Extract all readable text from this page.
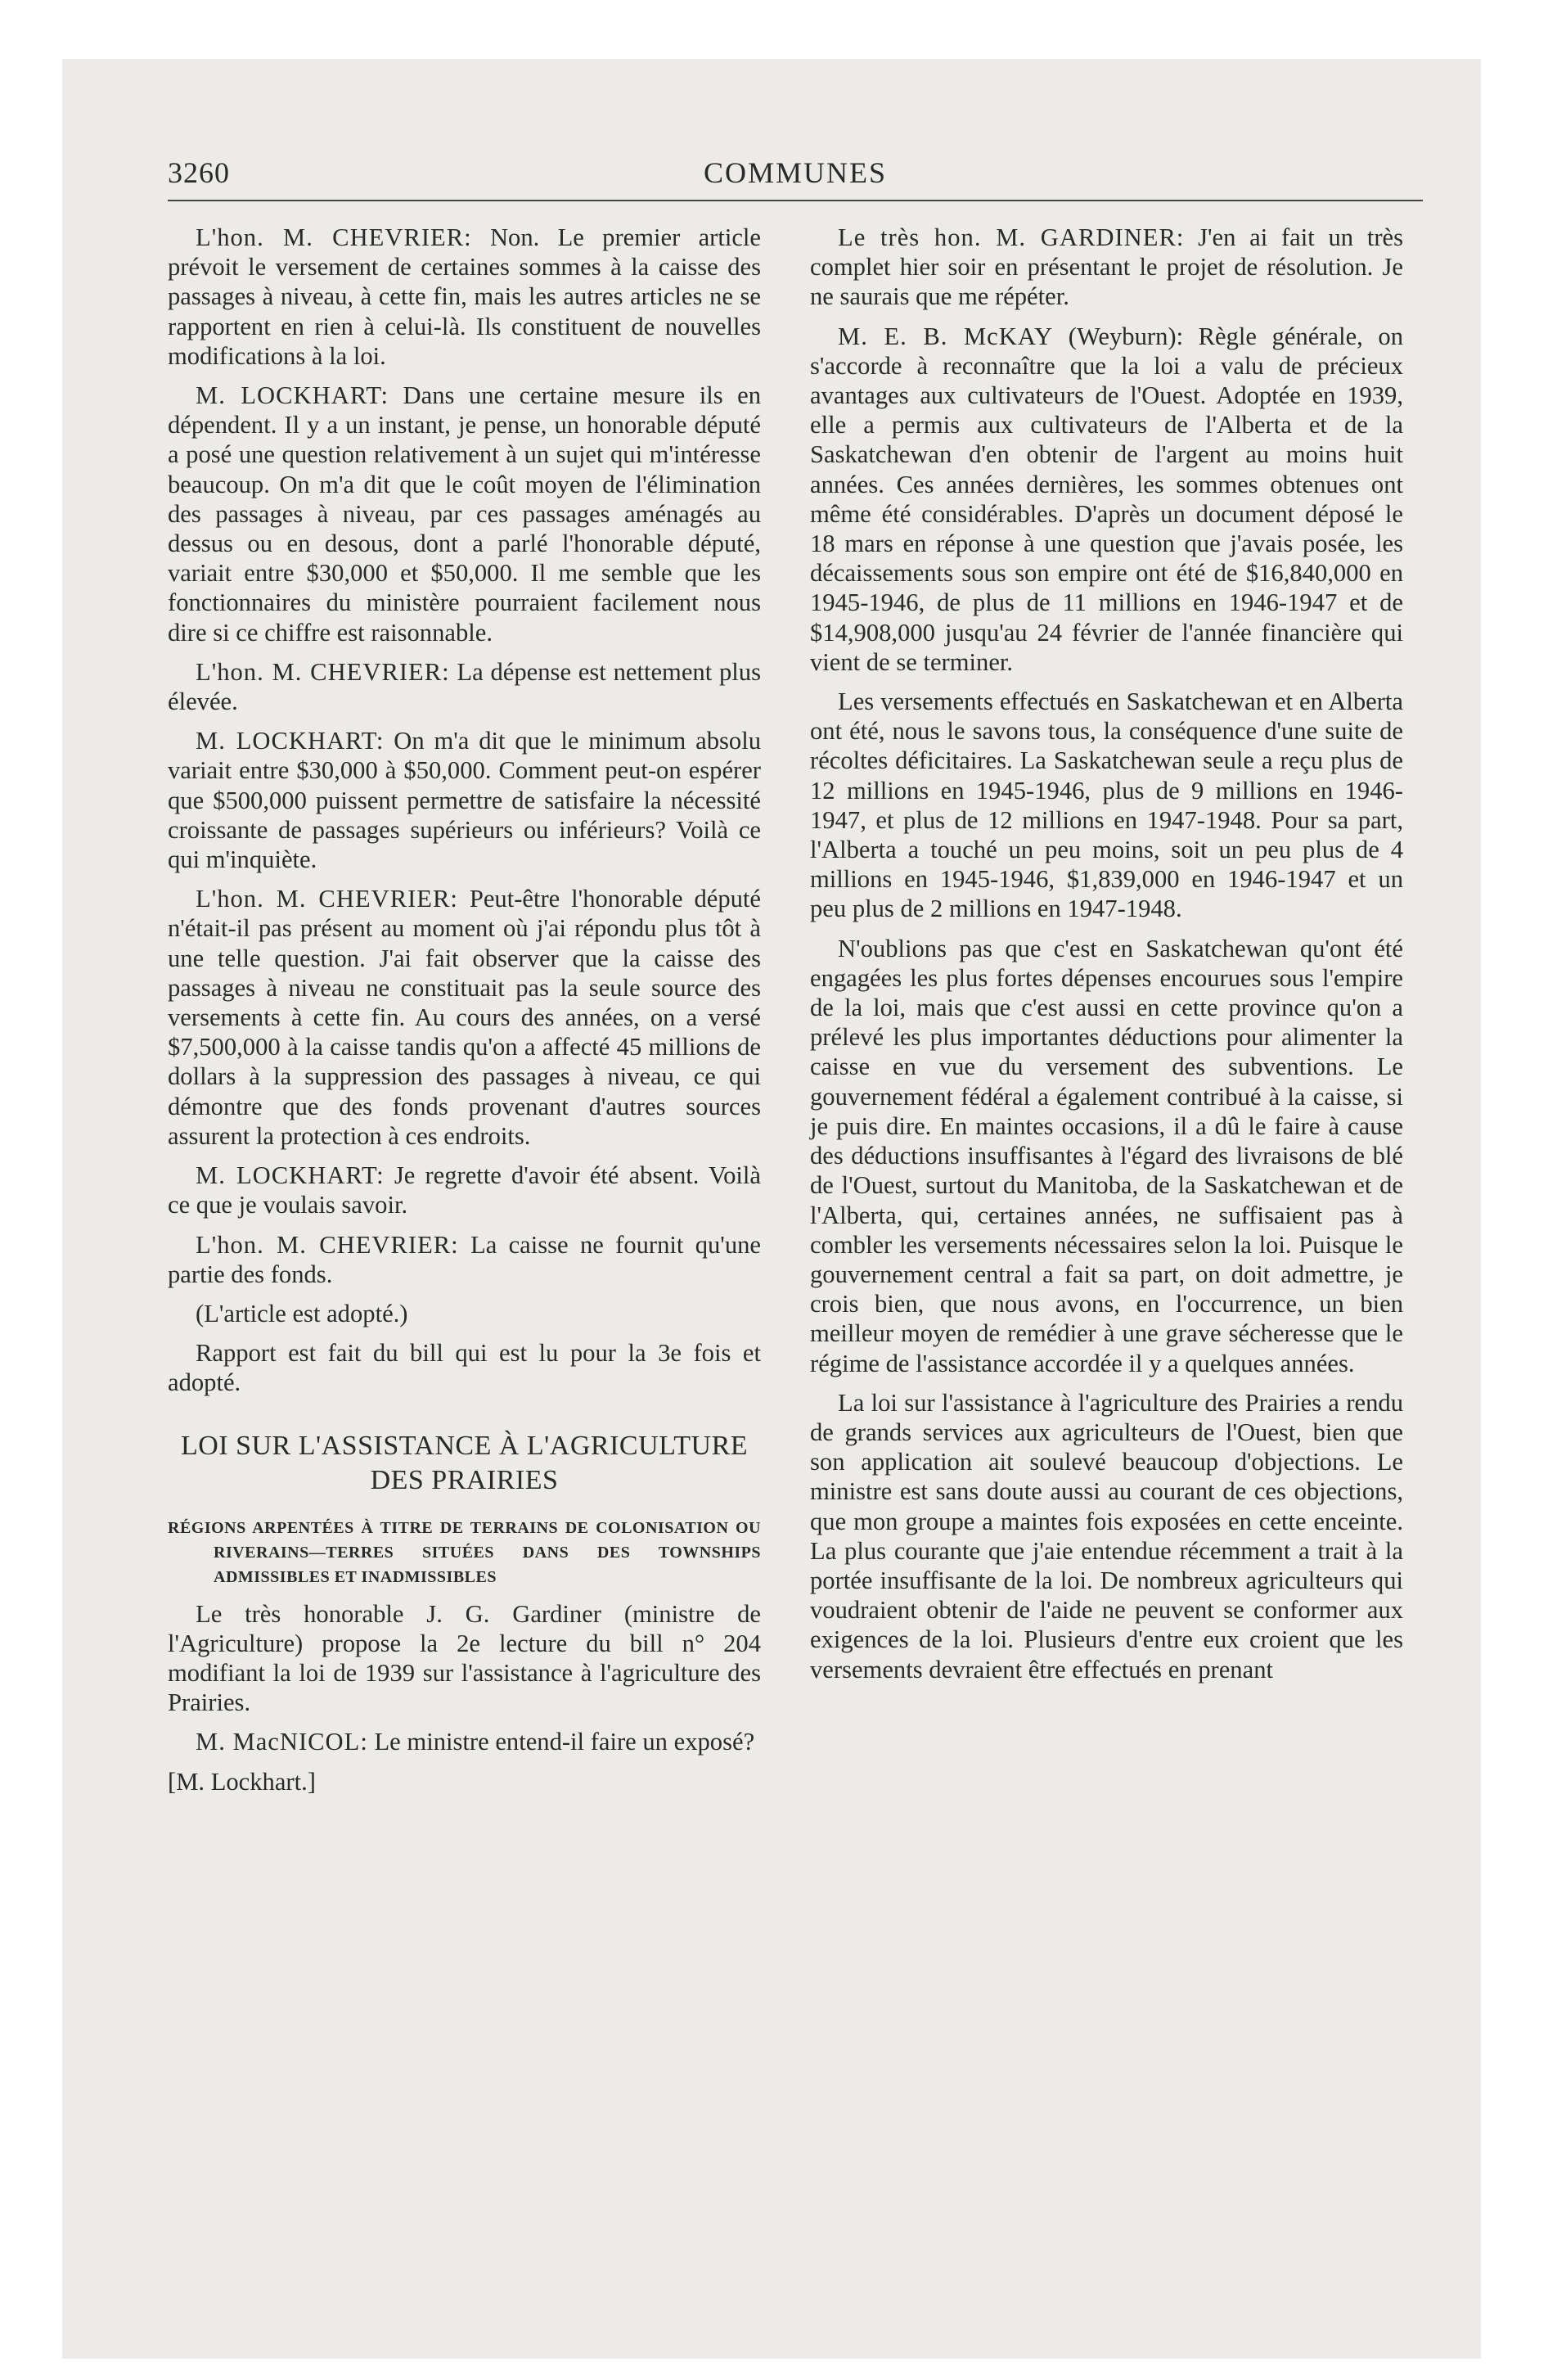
3260	COMMUNES

L'hon. M. CHEVRIER: Non. Le premier article prévoit le versement de certaines sommes à la caisse des passages à niveau, à cette fin, mais les autres articles ne se rapportent en rien à celui-là. Ils constituent de nouvelles modifications à la loi.

M. LOCKHART: Dans une certaine mesure ils en dépendent. Il y a un instant, je pense, un honorable député a posé une question relativement à un sujet qui m'intéresse beaucoup. On m'a dit que le coût moyen de l'élimination des passages à niveau, par ces passages aménagés au dessus ou en desous, dont a parlé l'honorable député, variait entre $30,000 et $50,000. Il me semble que les fonctionnaires du ministère pourraient facilement nous dire si ce chiffre est raisonnable.

L'hon. M. CHEVRIER: La dépense est nettement plus élevée.

M. LOCKHART: On m'a dit que le minimum absolu variait entre $30,000 à $50,000. Comment peut-on espérer que $500,000 puissent permettre de satisfaire la nécessité croissante de passages supérieurs ou inférieurs? Voilà ce qui m'inquiète.

L'hon. M. CHEVRIER: Peut-être l'honorable député n'était-il pas présent au moment où j'ai répondu plus tôt à une telle question. J'ai fait observer que la caisse des passages à niveau ne constituait pas la seule source des versements à cette fin. Au cours des années, on a versé $7,500,000 à la caisse tandis qu'on a affecté 45 millions de dollars à la suppression des passages à niveau, ce qui démontre que des fonds provenant d'autres sources assurent la protection à ces endroits.

M. LOCKHART: Je regrette d'avoir été absent. Voilà ce que je voulais savoir.

L'hon. M. CHEVRIER: La caisse ne fournit qu'une partie des fonds.

(L'article est adopté.)

Rapport est fait du bill qui est lu pour la 3e fois et adopté.

LOI SUR L'ASSISTANCE À L'AGRICULTURE DES PRAIRIES

RÉGIONS ARPENTÉES À TITRE DE TERRAINS DE COLONISATION OU RIVERAINS—TERRES SITUÉES DANS DES TOWNSHIPS ADMISSIBLES ET INADMISSIBLES

Le très honorable J. G. Gardiner (ministre de l'Agriculture) propose la 2e lecture du bill n° 204 modifiant la loi de 1939 sur l'assistance à l'agriculture des Prairies.

M. MacNICOL: Le ministre entend-il faire un exposé?

[M. Lockhart.]

Le très hon. M. GARDINER: J'en ai fait un très complet hier soir en présentant le projet de résolution. Je ne saurais que me répéter.

M. E. B. McKAY (Weyburn): Règle générale, on s'accorde à reconnaître que la loi a valu de précieux avantages aux cultivateurs de l'Ouest. Adoptée en 1939, elle a permis aux cultivateurs de l'Alberta et de la Saskatchewan d'en obtenir de l'argent au moins huit années. Ces années dernières, les sommes obtenues ont même été considérables. D'après un document déposé le 18 mars en réponse à une question que j'avais posée, les décaissements sous son empire ont été de $16,840,000 en 1945-1946, de plus de 11 millions en 1946-1947 et de $14,908,000 jusqu'au 24 février de l'année financière qui vient de se terminer.

Les versements effectués en Saskatchewan et en Alberta ont été, nous le savons tous, la conséquence d'une suite de récoltes déficitaires. La Saskatchewan seule a reçu plus de 12 millions en 1945-1946, plus de 9 millions en 1946-1947, et plus de 12 millions en 1947-1948. Pour sa part, l'Alberta a touché un peu moins, soit un peu plus de 4 millions en 1945-1946, $1,839,000 en 1946-1947 et un peu plus de 2 millions en 1947-1948.

N'oublions pas que c'est en Saskatchewan qu'ont été engagées les plus fortes dépenses encourues sous l'empire de la loi, mais que c'est aussi en cette province qu'on a prélevé les plus importantes déductions pour alimenter la caisse en vue du versement des subventions. Le gouvernement fédéral a également contribué à la caisse, si je puis dire. En maintes occasions, il a dû le faire à cause des déductions insuffisantes à l'égard des livraisons de blé de l'Ouest, surtout du Manitoba, de la Saskatchewan et de l'Alberta, qui, certaines années, ne suffisaient pas à combler les versements nécessaires selon la loi. Puisque le gouvernement central a fait sa part, on doit admettre, je crois bien, que nous avons, en l'occurrence, un bien meilleur moyen de remédier à une grave sécheresse que le régime de l'assistance accordée il y a quelques années.

La loi sur l'assistance à l'agriculture des Prairies a rendu de grands services aux agriculteurs de l'Ouest, bien que son application ait soulevé beaucoup d'objections. Le ministre est sans doute aussi au courant de ces objections, que mon groupe a maintes fois exposées en cette enceinte. La plus courante que j'aie entendue récemment a trait à la portée insuffisante de la loi. De nombreux agriculteurs qui voudraient obtenir de l'aide ne peuvent se conformer aux exigences de la loi. Plusieurs d'entre eux croient que les versements devraient être effectués en prenant
